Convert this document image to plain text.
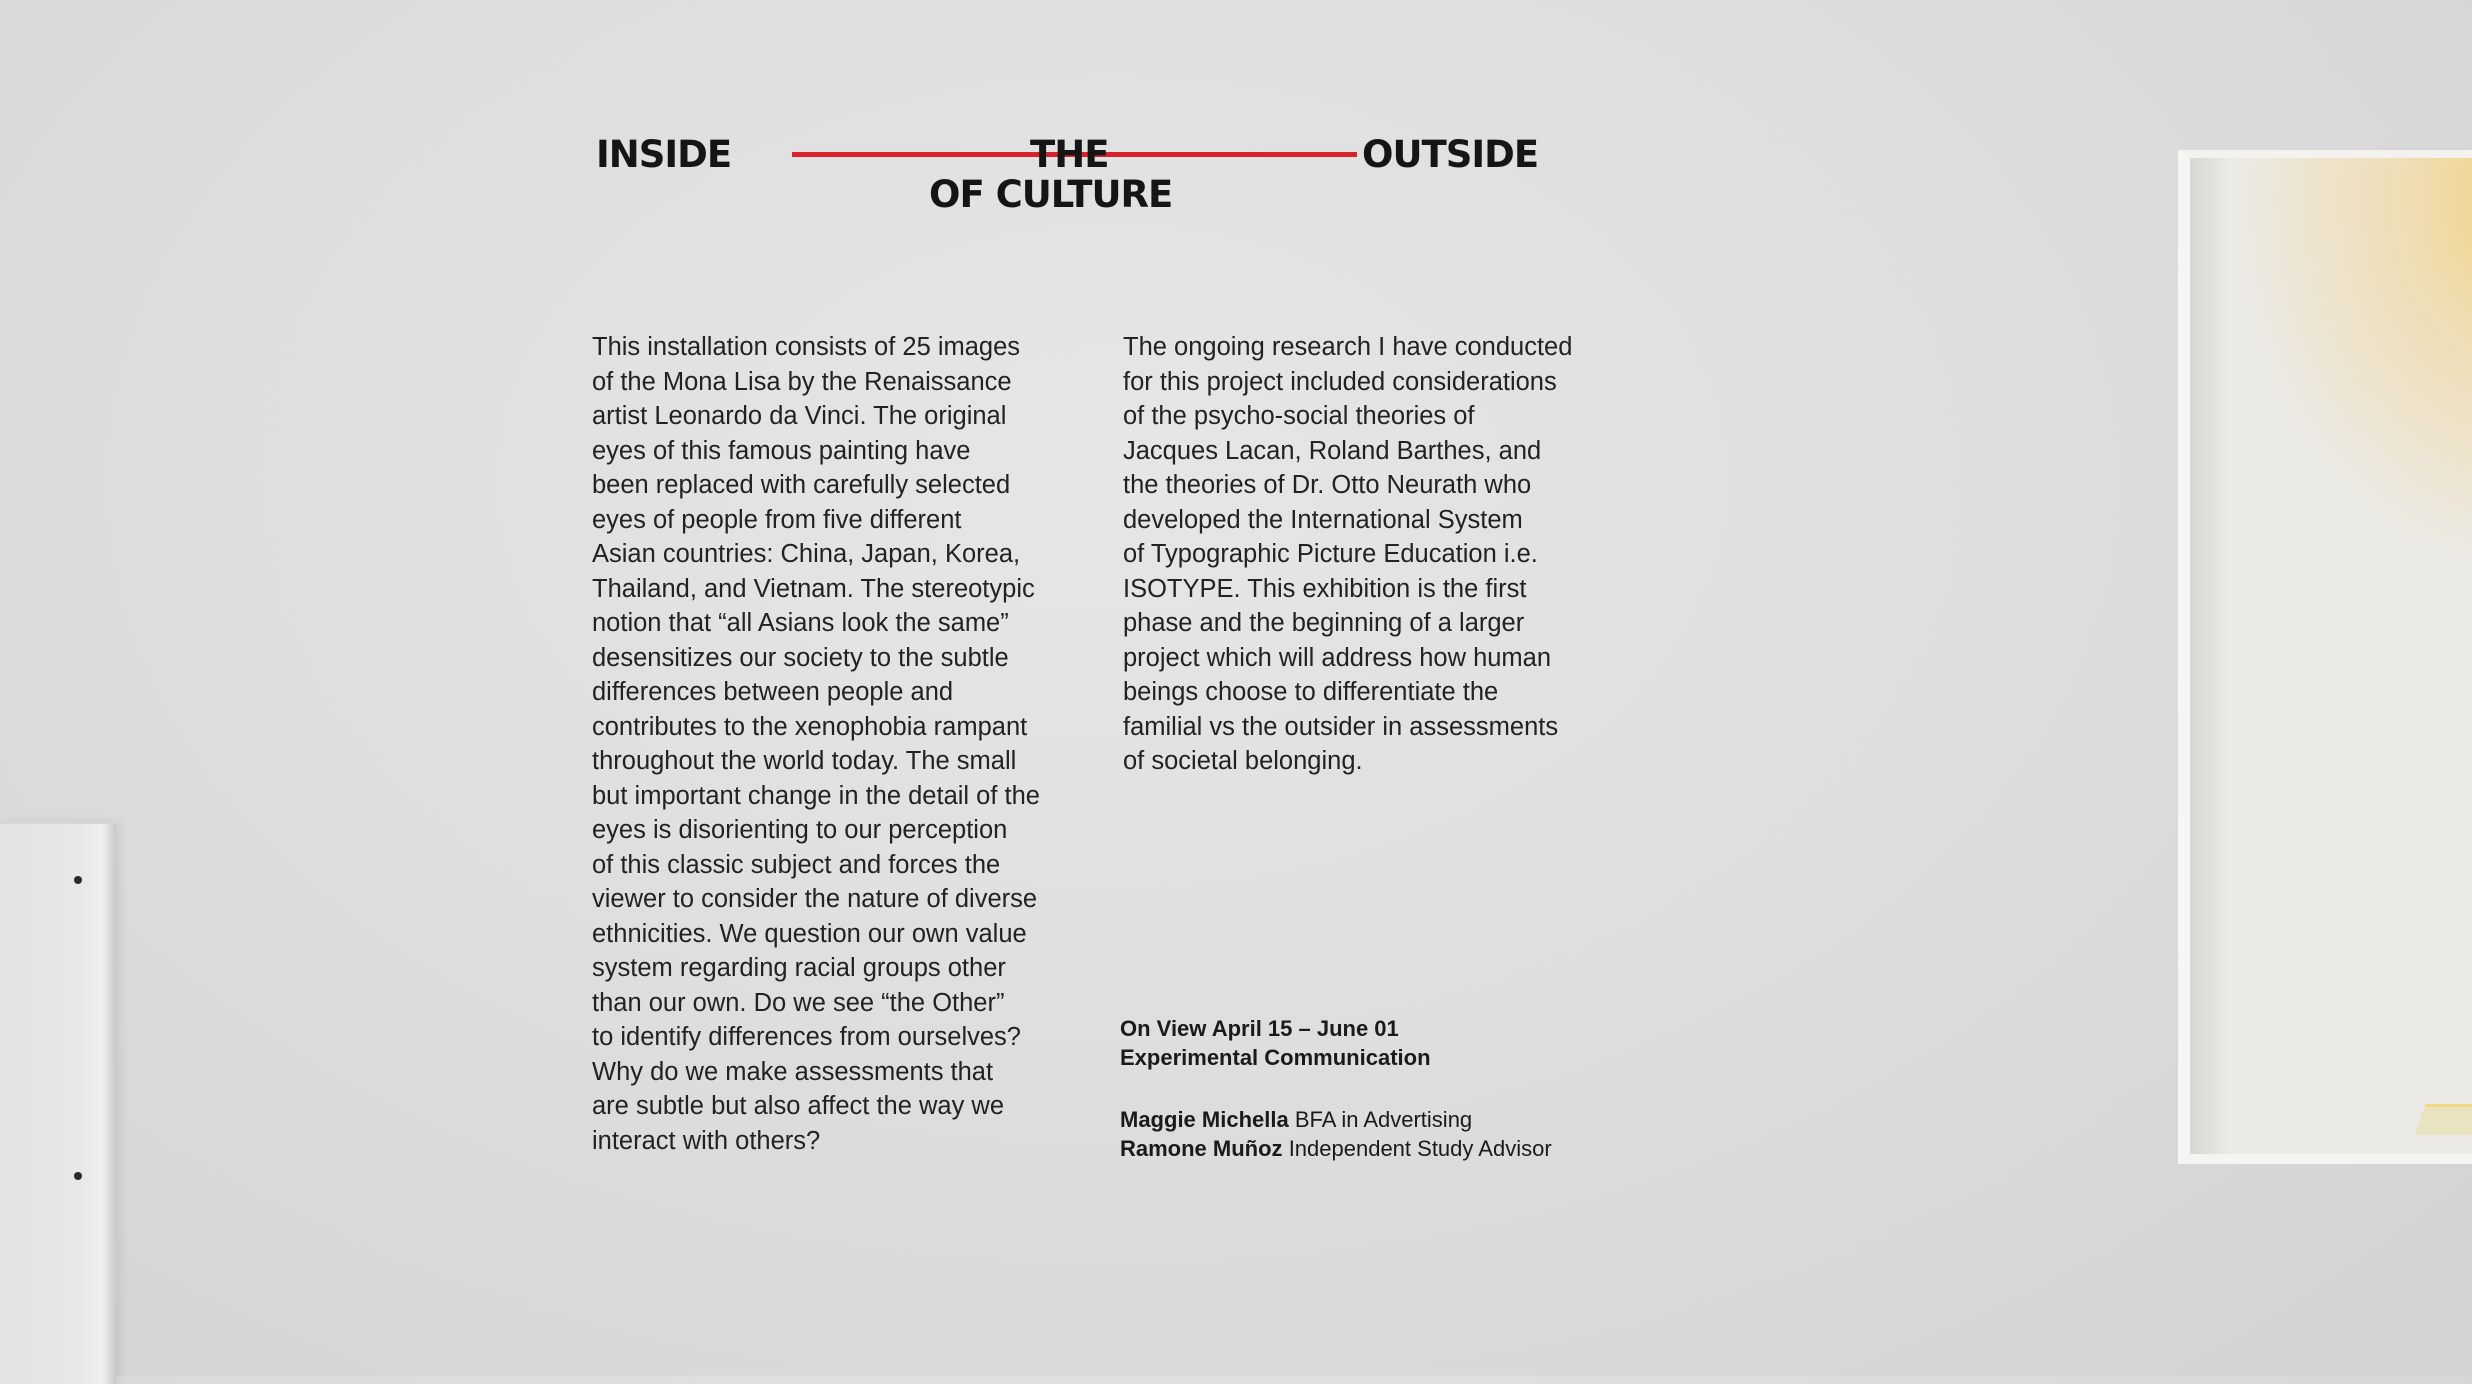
INSIDE	THE	OUTSIDE
OF CULTURE

This installation consists of 25 images
of the Mona Lisa by the Renaissance
artist Leonardo da Vinci. The original
eyes of this famous painting have
been replaced with carefully selected
eyes of people from five different
Asian countries: China, Japan, Korea,
Thailand, and Vietnam. The stereotypic
notion that “all Asians look the same”
desensitizes our society to the subtle
differences between people and
contributes to the xenophobia rampant
throughout the world today. The small
but important change in the detail of the
eyes is disorienting to our perception
of this classic subject and forces the
viewer to consider the nature of diverse
ethnicities. We question our own value
system regarding racial groups other
than our own. Do we see “the Other”
to identify differences from ourselves?
Why do we make assessments that
are subtle but also affect the way we
interact with others?

The ongoing research I have conducted
for this project included considerations
of the psycho-social theories of
Jacques Lacan, Roland Barthes, and
the theories of Dr. Otto Neurath who
developed the International System
of Typographic Picture Education i.e.
ISOTYPE. This exhibition is the first
phase and the beginning of a larger
project which will address how human
beings choose to differentiate the
familial vs the outsider in assessments
of societal belonging.

On View April 15 – June 01

Experimental Communication

Maggie Michella BFA in Advertising

Ramone Muñoz Independent Study Advisor
